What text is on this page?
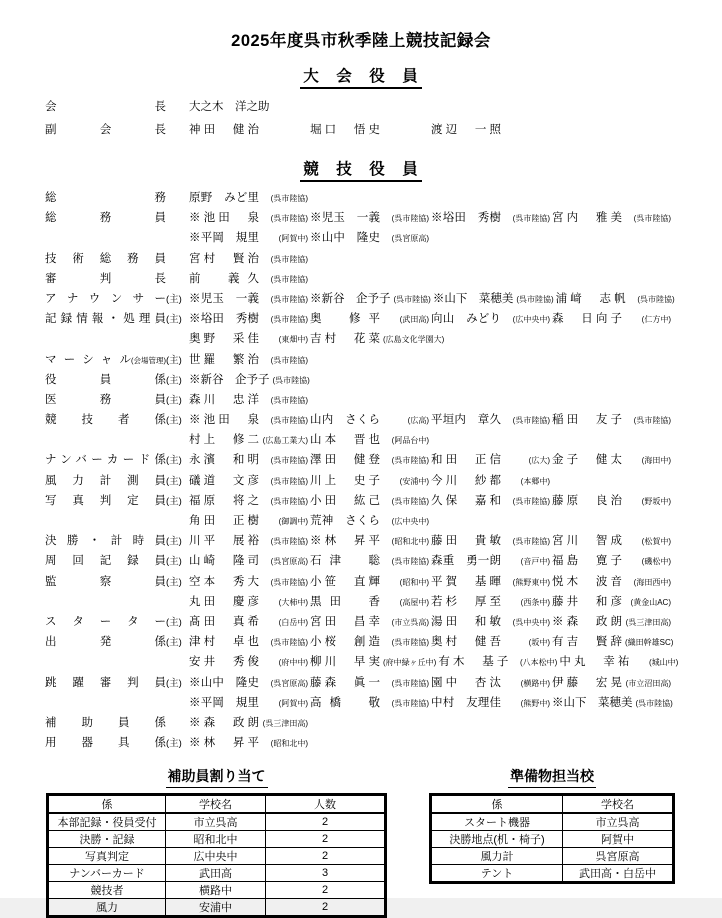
2025年度呉市秋季陸上競技記録会
大　会　役　員
会長 大之木　洋之助
副会長 神田　健治	堀口　悟史	渡辺　一照
競　技　役　員
総務 原野　みど里	(呉市陸協)
総務員 ※池田　泉	(呉市陸協) ※児玉　一義	(呉市陸協) ※﨏田　秀樹	(呉市陸協) 宮内　雅美	(呉市陸協)
※平岡　規里	(阿賀中) ※山中　隆史	(呉宮原高)
技術総務員 宮村　賢治	(呉市陸協)
審判長 前　義久	(呉市陸協)
アナウンサー (主) ※児玉　一義	(呉市陸協) ※新谷　企予子 (呉市陸協) ※山下　菜穂美 (呉市陸協) 浦﨑　志帆	(呉市陸協)
記録情報・処理員 (主) ※﨏田　秀樹	(呉市陸協) 奥　修平	(武田高) 向山　みどり	(広中央中) 森　日向子	(仁方中)
奥野　采佳	(東畑中) 吉村　花菜 (広島文化学園大)
マーシャル (会場管理) (主) 世羅　繁治	(呉市陸協)
役員係 (主) ※新谷　企予子 (呉市陸協)
医務員 (主) 森川　忠洋	(呉市陸協)
競技者係 (主) ※池田　泉	(呉市陸協) 山内　さくら	(広高) 平垣内　章久	(呉市陸協) 稲田　友子	(呉市陸協)
村上　修二 (広島工業大) 山本　晋也	(阿品台中)
ナンバーカード係 (主) 永濱　和明	(呉市陸協) 澤田　健登	(呉市陸協) 和田　正信	(広大) 金子　健太	(海田中)
風力計測員 (主) 礒道　文彦	(呉市陸協) 川上　史子	(安浦中) 今川　紗都	(本郷中)
写真判定員 (主) 福原　将之	(呉市陸協) 小田　紘己	(呉市陸協) 久保　嘉和	(呉市陸協) 藤原　良治	(野坂中)
角田　正樹	(御調中) 荒神　さくら	(広中央中)
決勝・計時員 (主) 川平　展裕	(呉市陸協) ※林　昇平	(昭和北中) 藤田　貴敏	(呉市陸協) 宮川　智成	(松賀中)
周回記録員 (主) 山崎　隆司	(呉宮原高) 石津　聡	(呉市陸協) 森重　勇一朗	(音戸中) 福島　寛子	(磯松中)
監察員 (主) 空本　秀大	(呉市陸協) 小笹　直輝	(昭和中) 平賀　基暉	(熊野東中) 悦木　波音	(海田西中)
丸田　慶彦	(大柿中) 黒田　香	(高屋中) 若杉　厚至	(西条中) 藤井　和彦	(黄金山AC)
スターター (主) 髙田　真希	(白岳中) 宮田　昌幸	(市立呉高) 湯田　和敏	(呉中央中) ※森　政朗 (呉三津田高)
出発係 (主) 津村　卓也	(呉市陸協) 小桜　創造	(呉市陸協) 奥村　健吾	(坂中) 有吉　賢辞 (織田幹雄SC)
安井　秀俊	(府中中) 柳川　早実 (府中緑ヶ丘中) 有木　基子	(八本松中) 中丸　幸祐	(城山中)
跳躍審判員 (主) ※山中　隆史	(呉宮原高) 藤森　眞一	(呉市陸協) 園中　杏汰	(横路中) 伊藤　宏晃 (市立沼田高)
※平岡　規里	(阿賀中) 高橋　敬	(呉市陸協) 中村　友理佳	(熊野中) ※山下　菜穂美 (呉市陸協)
補助員係 ※森　政朗 (呉三津田高)
用器具係 (主) ※林　昇平	(昭和北中)
補助員割り当て
係	学校名	人数
本部記録・役員受付	市立呉高	2
決勝・記録	昭和北中	2
写真判定	広中央中	2
ナンバーカード	武田高	3
競技者	横路中	2
風力	安浦中	2
準備物担当校
係	学校名
スタート機器	市立呉高
決勝地点(机・椅子)	阿賀中
風力計	呉宮原高
テント	武田高・白岳中
